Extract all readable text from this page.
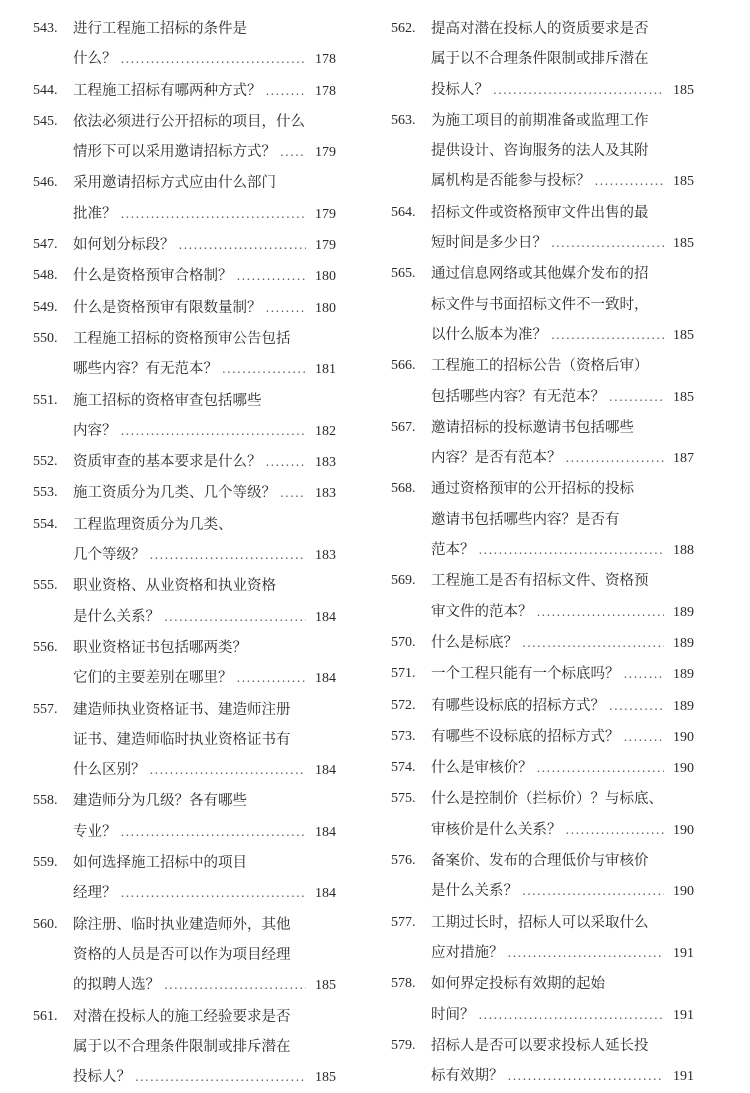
543.	进行工程施工招标的条件是
什么？ .....	178
544.	工程施工招标有哪两种方式？ .....	178
545.	依法必须进行公开招标的项目，什么
情形下可以采用邀请招标方式？ .....	179
546.	采用邀请招标方式应由什么部门
批准？ .....	179
547.	如何划分标段？ .....	179
548.	什么是资格预审合格制？ .....	180
549.	什么是资格预审有限数量制？ .....	180
550.	工程施工招标的资格预审公告包括
哪些内容？有无范本？ .....	181
551.	施工招标的资格审查包括哪些
内容？ .....	182
552.	资质审查的基本要求是什么？ .....	183
553.	施工资质分为几类、几个等级？ .....	183
554.	工程监理资质分为几类、
几个等级？ .....	183
555.	职业资格、从业资格和执业资格
是什么关系？ .....	184
556.	职业资格证书包括哪两类？
它们的主要差别在哪里？ .....	184
557.	建造师执业资格证书、建造师注册
证书、建造师临时执业资格证书有
什么区别？ .....	184
558.	建造师分为几级？各有哪些
专业？ .....	184
559.	如何选择施工招标中的项目
经理？ .....	184
560.	除注册、临时执业建造师外，其他
资格的人员是否可以作为项目经理
的拟聘人选？ .....	185
561.	对潜在投标人的施工经验要求是否
属于以不合理条件限制或排斥潜在
投标人？ .....	185
562.	提高对潜在投标人的资质要求是否
属于以不合理条件限制或排斥潜在
投标人？ .....	185
563.	为施工项目的前期准备或监理工作
提供设计、咨询服务的法人及其附
属机构是否能参与投标？ .....	185
564.	招标文件或资格预审文件出售的最
短时间是多少日？ .....	185
565.	通过信息网络或其他媒介发布的招
标文件与书面招标文件不一致时，
以什么版本为准？ .....	185
566.	工程施工的招标公告（资格后审）
包括哪些内容？有无范本？ .....	185
567.	邀请招标的投标邀请书包括哪些
内容？是否有范本？ .....	187
568.	通过资格预审的公开招标的投标
邀请书包括哪些内容？是否有
范本？ .....	188
569.	工程施工是否有招标文件、资格预
审文件的范本？ .....	189
570.	什么是标底？ .....	189
571.	一个工程只能有一个标底吗？ .....	189
572.	有哪些设标底的招标方式？ .....	189
573.	有哪些不设标底的招标方式？ .....	190
574.	什么是审核价？ .....	190
575.	什么是控制价（拦标价）？与标底、
审核价是什么关系？ .....	190
576.	备案价、发布的合理低价与审核价
是什么关系？ .....	190
577.	工期过长时，招标人可以采取什么
应对措施？ .....	191
578.	如何界定投标有效期的起始
时间？ .....	191
579.	招标人是否可以要求投标人延长投
标有效期？ .....	191
